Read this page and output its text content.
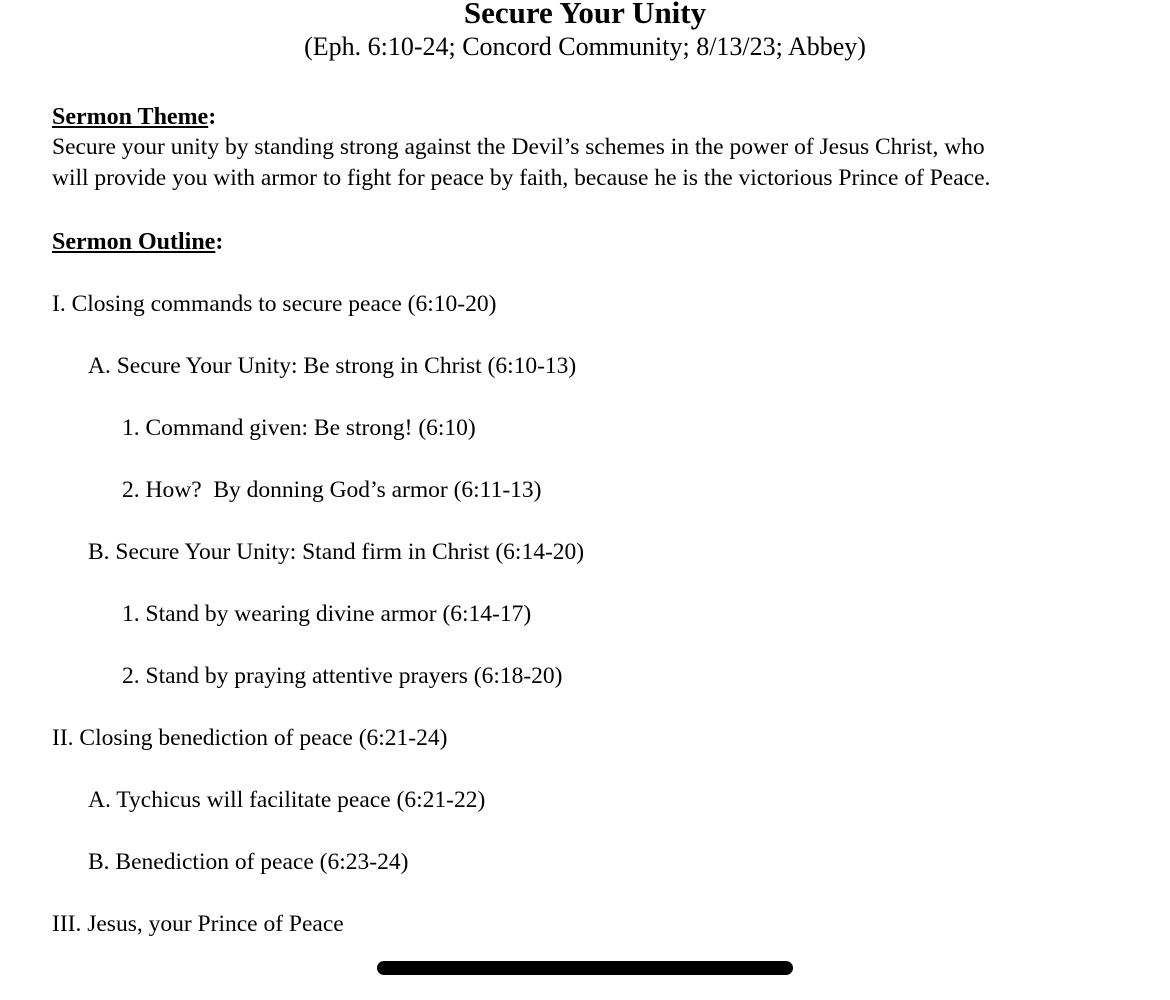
Secure Your Unity
(Eph. 6:10-24; Concord Community; 8/13/23; Abbey)
Sermon Theme:
Secure your unity by standing strong against the Devil’s schemes in the power of Jesus Christ, who
will provide you with armor to fight for peace by faith, because he is the victorious Prince of Peace.
Sermon Outline:
I. Closing commands to secure peace (6:10-20)
A. Secure Your Unity: Be strong in Christ (6:10-13)
1. Command given: Be strong! (6:10)
2. How?  By donning God’s armor (6:11-13)
B. Secure Your Unity: Stand firm in Christ (6:14-20)
1. Stand by wearing divine armor (6:14-17)
2. Stand by praying attentive prayers (6:18-20)
II. Closing benediction of peace (6:21-24)
A. Tychicus will facilitate peace (6:21-22)
B. Benediction of peace (6:23-24)
III. Jesus, your Prince of Peace
